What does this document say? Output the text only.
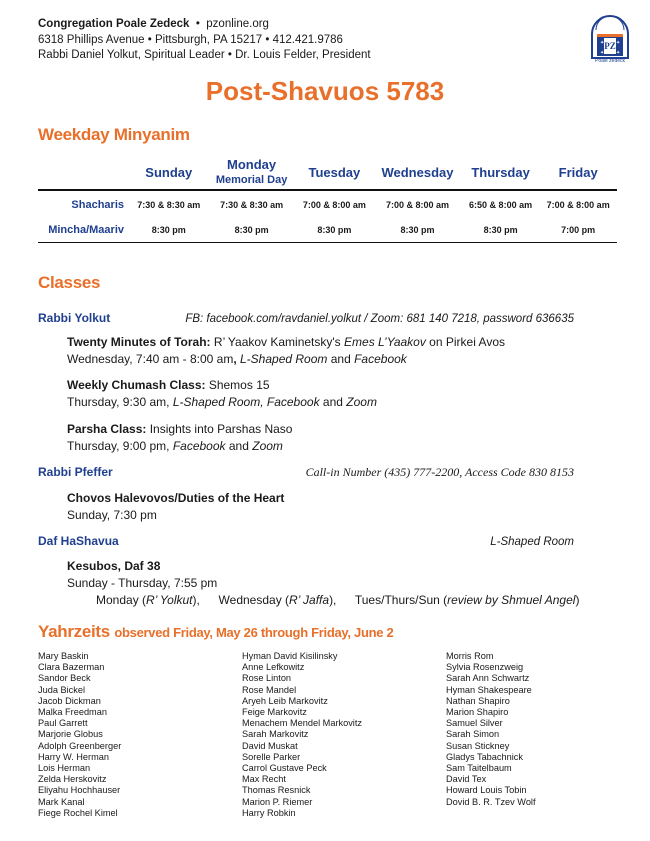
Congregation Poale Zedeck  •  pzonline.org
6318 Phillips Avenue • Pittsburgh, PA 15217 • 412.421.9786
Rabbi Daniel Yolkut, Spiritual Leader • Dr. Louis Felder, President
✦ ✦
✦ ✦
PZ
Poale zedeck
Post-Shavuos 5783
Weekday Minyanim
	Sunday	Monday
Memorial Day	Tuesday	Wednesday	Thursday	Friday
Shacharis	7:30 & 8:30 am	7:30 & 8:30 am	7:00 & 8:00 am	7:00 & 8:00 am	6:50 & 8:00 am	7:00 & 8:00 am
Mincha/Maariv	8:30 pm	8:30 pm	8:30 pm	8:30 pm	8:30 pm	7:00 pm
Classes
Rabbi Yolkut	FB: facebook.com/ravdaniel.yolkut / Zoom: 681 140 7218, password 636635
Twenty Minutes of Torah: R’ Yaakov Kaminetsky's Emes L’Yaakov on Pirkei Avos
Wednesday, 7:40 am - 8:00 am, L-Shaped Room and Facebook
Weekly Chumash Class: Shemos 15
Thursday, 9:30 am, L-Shaped Room, Facebook and Zoom
Parsha Class: Insights into Parshas Naso
Thursday, 9:00 pm, Facebook and Zoom
Rabbi Pfeffer	Call-in Number (435) 777-2200, Access Code 830 8153
Chovos Halevovos/Duties of the Heart
Sunday, 7:30 pm
Daf HaShavua	L-Shaped Room
Kesubos, Daf 38
Sunday - Thursday, 7:55 pm
Monday (R’ Yolkut), Wednesday (R’ Jaffa), Tues/Thurs/Sun (review by Shmuel Angel)
Yahrzeits observed Friday, May 26 through Friday, June 2
Mary Baskin
Clara Bazerman
Sandor Beck
Juda Bickel
Jacob Dickman
Malka Freedman
Paul Garrett
Marjorie Globus
Adolph Greenberger
Harry W. Herman
Lois Herman
Zelda Herskovitz
Eliyahu Hochhauser
Mark Kanal
Fiege Rochel Kimel
Hyman David Kisilinsky
Anne Lefkowitz
Rose Linton
Rose Mandel
Aryeh Leib Markovitz
Feige Markovitz
Menachem Mendel Markovitz
Sarah Markovitz
David Muskat
Sorelle Parker
Carrol Gustave Peck
Max Recht
Thomas Resnick
Marion P. Riemer
Harry Robkin
Morris Rom
Sylvia Rosenzweig
Sarah Ann Schwartz
Hyman Shakespeare
Nathan Shapiro
Marion Shapiro
Samuel Silver
Sarah Simon
Susan Stickney
Gladys Tabachnick
Sam Taitelbaum
David Tex
Howard Louis Tobin
Dovid B. R. Tzev Wolf
